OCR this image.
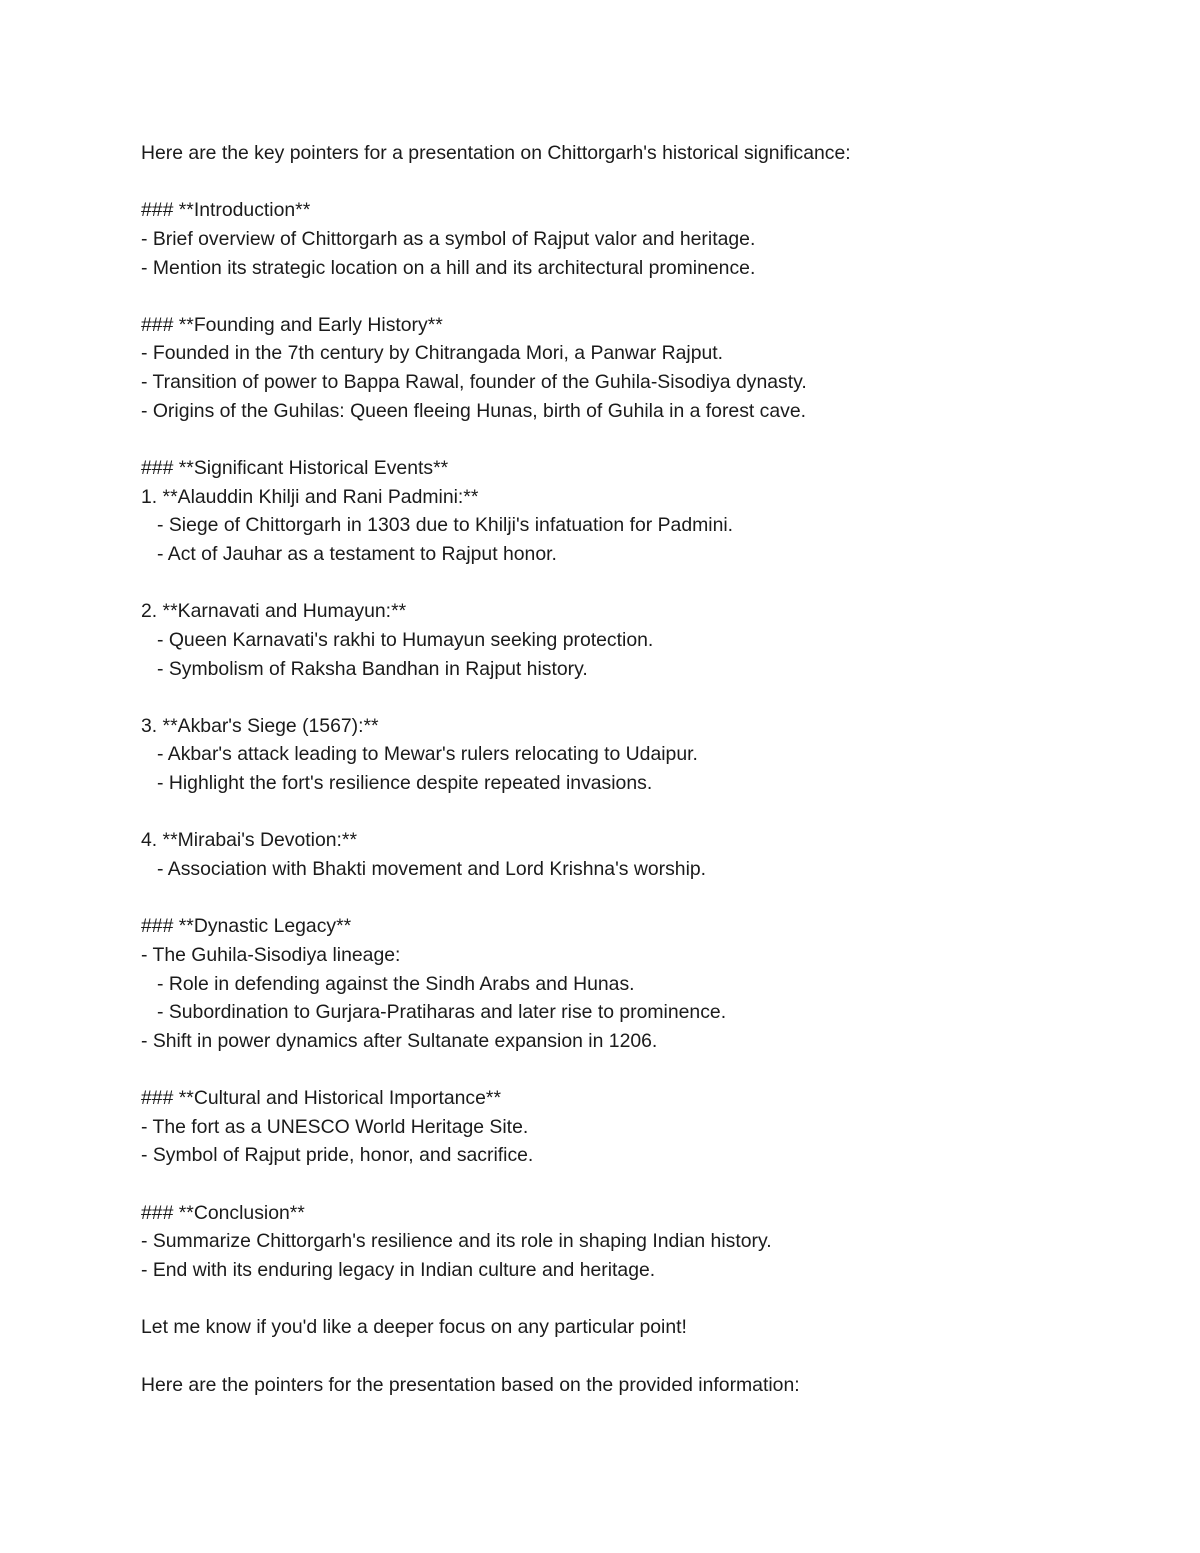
Here are the key pointers for a presentation on Chittorgarh's historical significance:

### **Introduction**

- Brief overview of Chittorgarh as a symbol of Rajput valor and heritage.

- Mention its strategic location on a hill and its architectural prominence.

### **Founding and Early History**

- Founded in the 7th century by Chitrangada Mori, a Panwar Rajput.

- Transition of power to Bappa Rawal, founder of the Guhila-Sisodiya dynasty.

- Origins of the Guhilas: Queen fleeing Hunas, birth of Guhila in a forest cave.

### **Significant Historical Events**

1. **Alauddin Khilji and Rani Padmini:**

- Siege of Chittorgarh in 1303 due to Khilji's infatuation for Padmini.

- Act of Jauhar as a testament to Rajput honor.

2. **Karnavati and Humayun:**

- Queen Karnavati's rakhi to Humayun seeking protection.

- Symbolism of Raksha Bandhan in Rajput history.

3. **Akbar's Siege (1567):**

- Akbar's attack leading to Mewar's rulers relocating to Udaipur.

- Highlight the fort's resilience despite repeated invasions.

4. **Mirabai's Devotion:**

- Association with Bhakti movement and Lord Krishna's worship.

### **Dynastic Legacy**

- The Guhila-Sisodiya lineage:

- Role in defending against the Sindh Arabs and Hunas.

- Subordination to Gurjara-Pratiharas and later rise to prominence.

- Shift in power dynamics after Sultanate expansion in 1206.

### **Cultural and Historical Importance**

- The fort as a UNESCO World Heritage Site.

- Symbol of Rajput pride, honor, and sacrifice.

### **Conclusion**

- Summarize Chittorgarh's resilience and its role in shaping Indian history.

- End with its enduring legacy in Indian culture and heritage.

Let me know if you'd like a deeper focus on any particular point!

Here are the pointers for the presentation based on the provided information:
